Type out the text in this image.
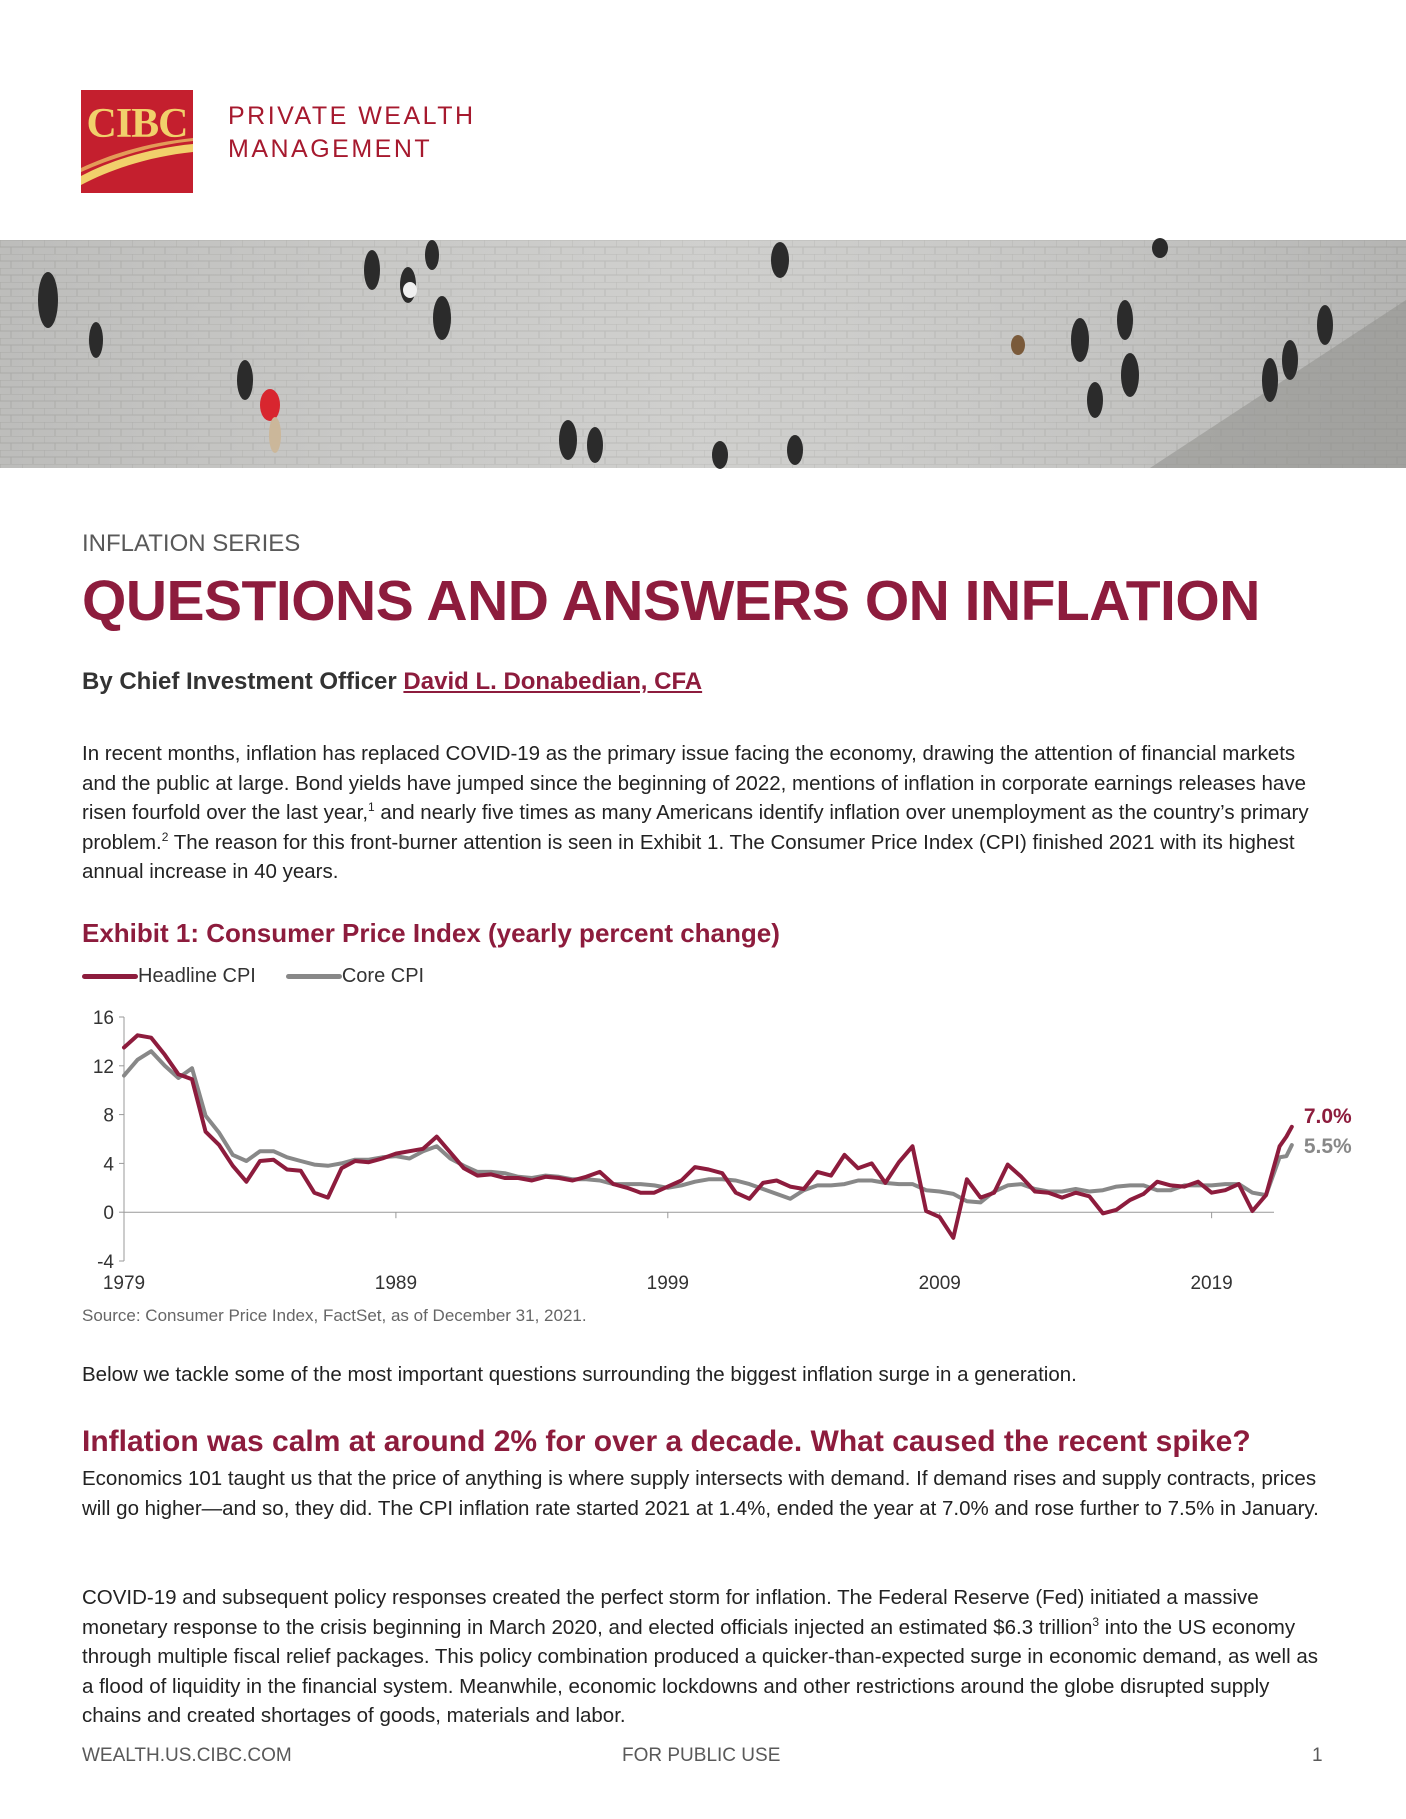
CIBC PRIVATE WEALTH
MANAGEMENT
INFLATION SERIES
QUESTIONS AND ANSWERS ON INFLATION
By Chief Investment Officer David L. Donabedian, CFA

In recent months, inflation has replaced COVID-19 as the primary issue facing the economy, drawing the attention of financial markets and the public at large. Bond yields have jumped since the beginning of 2022, mentions of inflation in corporate earnings releases have risen fourfold over the last year,$^1$ and nearly five times as many Americans identify inflation over unemployment as the country’s primary problem.$^2$ The reason for this front-burner attention is seen in Exhibit 1. The Consumer Price Index (CPI) finished 2021 with its highest annual increase in 40 years.

Exhibit 1: Consumer Price Index (yearly percent change)
Headline CPI	Core CPI
16
12
8
4
0
-4
1979	1989	1999	2009	2019
7.0%
5.5%
Source: Consumer Price Index, FactSet, as of December 31, 2021.

Below we tackle some of the most important questions surrounding the biggest inflation surge in a generation.

Inflation was calm at around 2% for over a decade. What caused the recent spike?

Economics 101 taught us that the price of anything is where supply intersects with demand. If demand rises and supply contracts, prices will go higher—and so, they did. The CPI inflation rate started 2021 at 1.4%, ended the year at 7.0% and rose further to 7.5% in January.

COVID-19 and subsequent policy responses created the perfect storm for inflation. The Federal Reserve (Fed) initiated a massive monetary response to the crisis beginning in March 2020, and elected officials injected an estimated $6.3 trillion$^3$ into the US economy through multiple fiscal relief packages. This policy combination produced a quicker-than-expected surge in economic demand, as well as a flood of liquidity in the financial system. Meanwhile, economic lockdowns and other restrictions around the globe disrupted supply chains and created shortages of goods, materials and labor.

WEALTH.US.CIBC.COM	FOR PUBLIC USE	1
